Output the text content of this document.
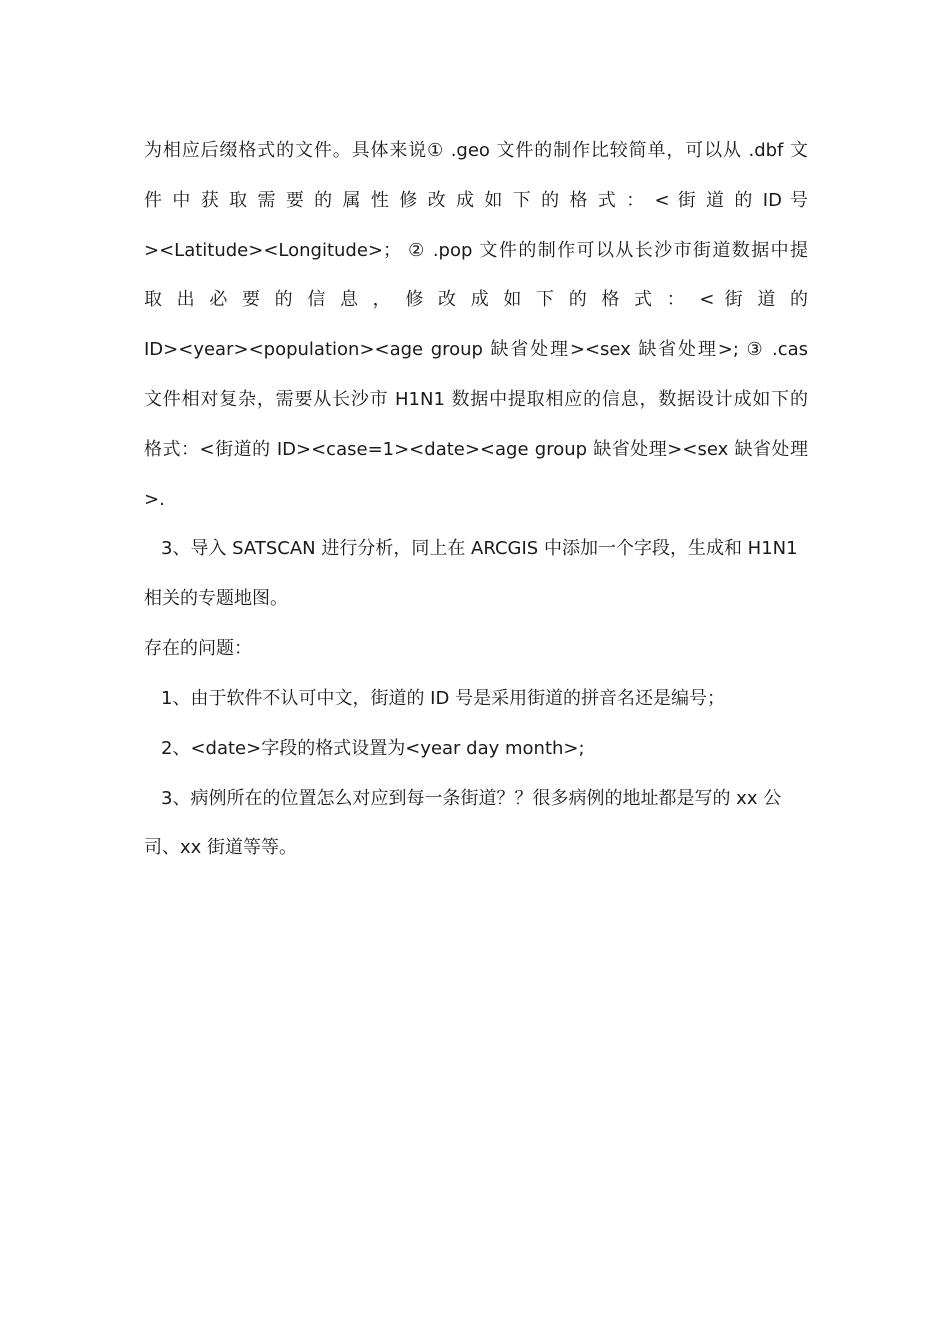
为相应后缀格式的文件。具体来说① .geo 文件的制作比较简单，可以从 .dbf 文
件 中 获 取 需 要 的 属 性 修 改 成 如 下 的 格 式 ： < 街 道 的 ID 号
><Latitude><Longitude>； ② .pop 文件的制作可以从长沙市街道数据中提
取 出 必 要 的 信 息 ， 修 改 成 如 下 的 格 式 ： < 街 道 的
ID><year><population><age group 缺省处理><sex 缺省处理>; ③ .cas
文件相对复杂，需要从长沙市 H1N1 数据中提取相应的信息，数据设计成如下的
格式：<街道的 ID><case=1><date><age group 缺省处理><sex 缺省处理
>.
3、导入 SATSCAN 进行分析，同上在 ARCGIS 中添加一个字段，生成和 H1N1
相关的专题地图。
存在的问题：
1、由于软件不认可中文，街道的 ID 号是采用街道的拼音名还是编号；
2、<date>字段的格式设置为<year day month>;
3、病例所在的位置怎么对应到每一条街道？？很多病例的地址都是写的 xx 公
司、xx 街道等等。
